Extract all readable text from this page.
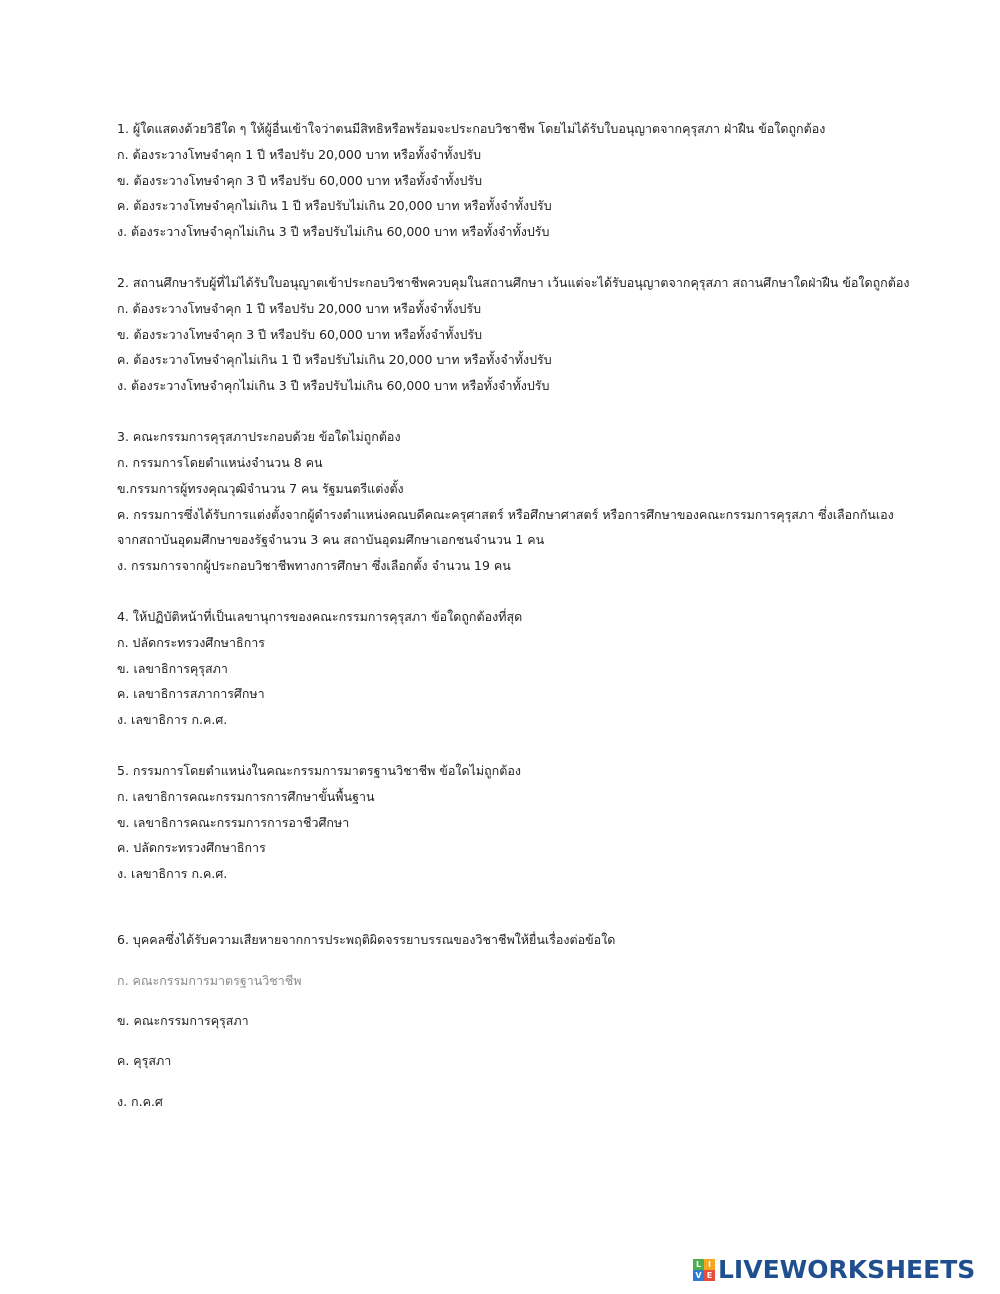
1. ผู้ใดแสดงด้วยวิธีใด ๆ ให้ผู้อื่นเข้าใจว่าตนมีสิทธิหรือพร้อมจะประกอบวิชาชีพ โดยไม่ได้รับใบอนุญาตจากคุรุสภา ฝ่าฝืน ข้อใดถูกต้อง
ก. ต้องระวางโทษจำคุก 1 ปี หรือปรับ 20,000 บาท หรือทั้งจำทั้งปรับ
ข. ต้องระวางโทษจำคุก 3 ปี หรือปรับ 60,000 บาท หรือทั้งจำทั้งปรับ
ค. ต้องระวางโทษจำคุกไม่เกิน 1 ปี หรือปรับไม่เกิน 20,000 บาท หรือทั้งจำทั้งปรับ
ง. ต้องระวางโทษจำคุกไม่เกิน 3 ปี หรือปรับไม่เกิน 60,000 บาท หรือทั้งจำทั้งปรับ
2. สถานศึกษารับผู้ที่ไม่ได้รับใบอนุญาตเข้าประกอบวิชาชีพควบคุมในสถานศึกษา เว้นแต่จะได้รับอนุญาตจากคุรุสภา สถานศึกษาใดฝ่าฝืน ข้อใดถูกต้อง
ก. ต้องระวางโทษจำคุก 1 ปี หรือปรับ 20,000 บาท หรือทั้งจำทั้งปรับ
ข. ต้องระวางโทษจำคุก 3 ปี หรือปรับ 60,000 บาท หรือทั้งจำทั้งปรับ
ค. ต้องระวางโทษจำคุกไม่เกิน 1 ปี หรือปรับไม่เกิน 20,000 บาท หรือทั้งจำทั้งปรับ
ง. ต้องระวางโทษจำคุกไม่เกิน 3 ปี หรือปรับไม่เกิน 60,000 บาท หรือทั้งจำทั้งปรับ
3. คณะกรรมการคุรุสภาประกอบด้วย ข้อใดไม่ถูกต้อง
ก. กรรมการโดยตำแหน่งจำนวน 8 คน
ข.กรรมการผู้ทรงคุณวุฒิจำนวน 7 คน รัฐมนตรีแต่งตั้ง
ค. กรรมการซึ่งได้รับการแต่งตั้งจากผู้ดำรงตำแหน่งคณบดีคณะครุศาสตร์ หรือศึกษาศาสตร์ หรือการศึกษาของคณะกรรมการคุรุสภา ซึ่งเลือกกันเอง
จากสถาบันอุดมศึกษาของรัฐจำนวน 3 คน สถาบันอุดมศึกษาเอกชนจำนวน 1 คน
ง. กรรมการจากผู้ประกอบวิชาชีพทางการศึกษา ซึ่งเลือกตั้ง จำนวน 19 คน
4. ให้ปฏิบัติหน้าที่เป็นเลขานุการของคณะกรรมการคุรุสภา ข้อใดถูกต้องที่สุด
ก. ปลัดกระทรวงศึกษาธิการ
ข. เลขาธิการคุรุสภา
ค. เลขาธิการสภาการศึกษา
ง. เลขาธิการ ก.ค.ศ.
5. กรรมการโดยตำแหน่งในคณะกรรมการมาตรฐานวิชาชีพ ข้อใดไม่ถูกต้อง
ก. เลขาธิการคณะกรรมการการศึกษาขั้นพื้นฐาน
ข. เลขาธิการคณะกรรมการการอาชีวศึกษา
ค. ปลัดกระทรวงศึกษาธิการ
ง. เลขาธิการ ก.ค.ศ.
6. บุคคลซึ่งได้รับความเสียหายจากการประพฤติผิดจรรยาบรรณของวิชาชีพให้ยื่นเรื่องต่อข้อใด
ก. คณะกรรมการมาตรฐานวิชาชีพ
ข. คณะกรรมการคุรุสภา
ค. คุรุสภา
ง. ก.ค.ศ
L I
V E LIVEWORKSHEETS
